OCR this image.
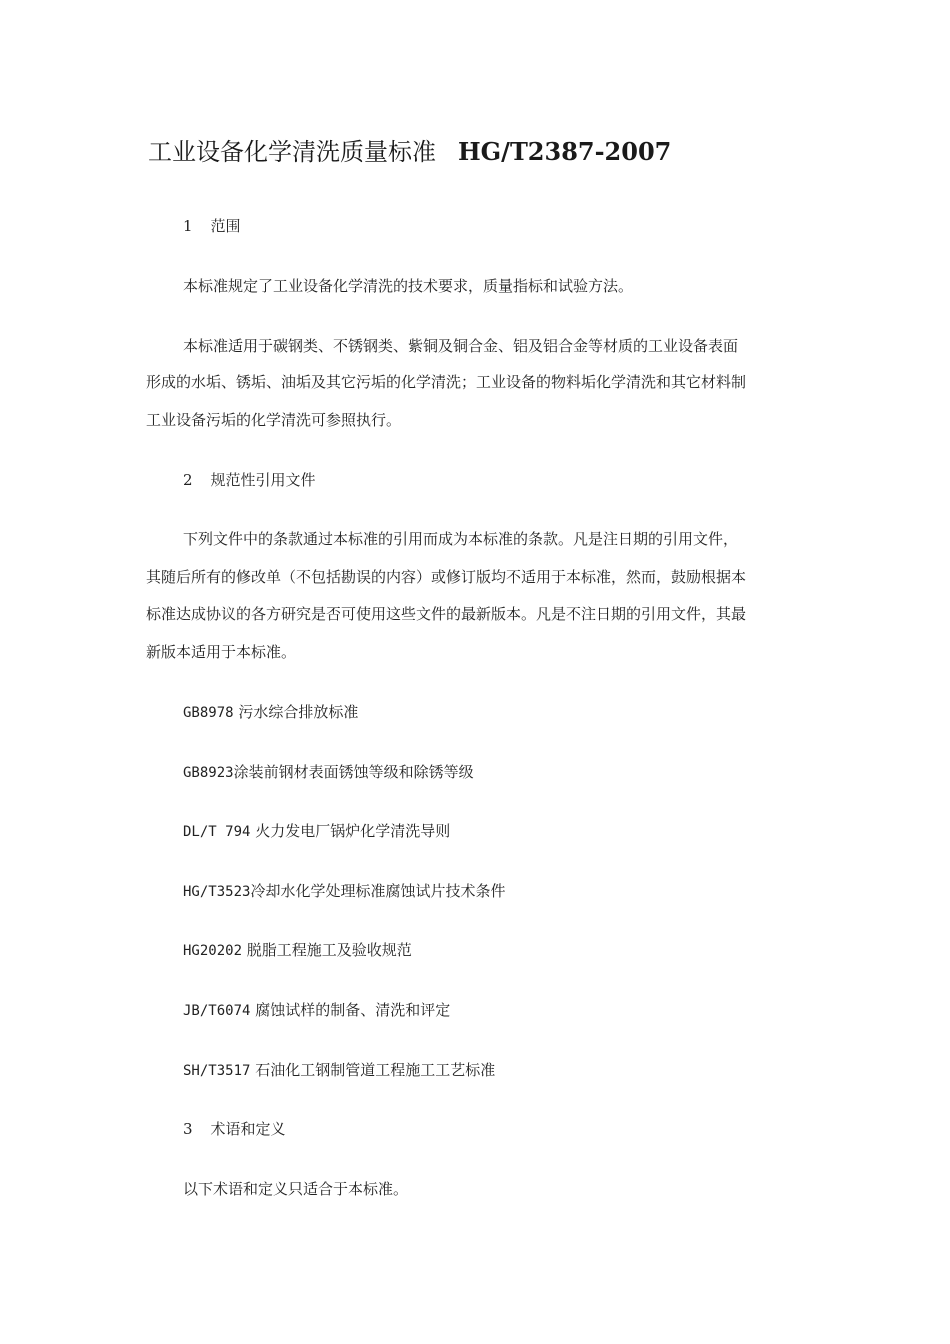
工业设备化学清洗质量标准 HG/T2387-2007
1 范围
本标准规定了工业设备化学清洗的技术要求，质量指标和试验方法。
本标准适用于碳钢类、不锈钢类、紫铜及铜合金、铝及铝合金等材质的工业设备表面
形成的水垢、锈垢、油垢及其它污垢的化学清洗；工业设备的物料垢化学清洗和其它材料制
工业设备污垢的化学清洗可参照执行。
2 规范性引用文件
下列文件中的条款通过本标准的引用而成为本标准的条款。凡是注日期的引用文件，
其随后所有的修改单（不包括勘误的内容）或修订版均不适用于本标准，然而，鼓励根据本
标准达成协议的各方研究是否可使用这些文件的最新版本。凡是不注日期的引用文件，其最
新版本适用于本标准。
GB8978 污水综合排放标准
GB8923涂装前钢材表面锈蚀等级和除锈等级
DL/T 794 火力发电厂锅炉化学清洗导则
HG/T3523冷却水化学处理标准腐蚀试片技术条件
HG20202 脱脂工程施工及验收规范
JB/T6074 腐蚀试样的制备、清洗和评定
SH/T3517 石油化工钢制管道工程施工工艺标准
3 术语和定义
以下术语和定义只适合于本标准。
